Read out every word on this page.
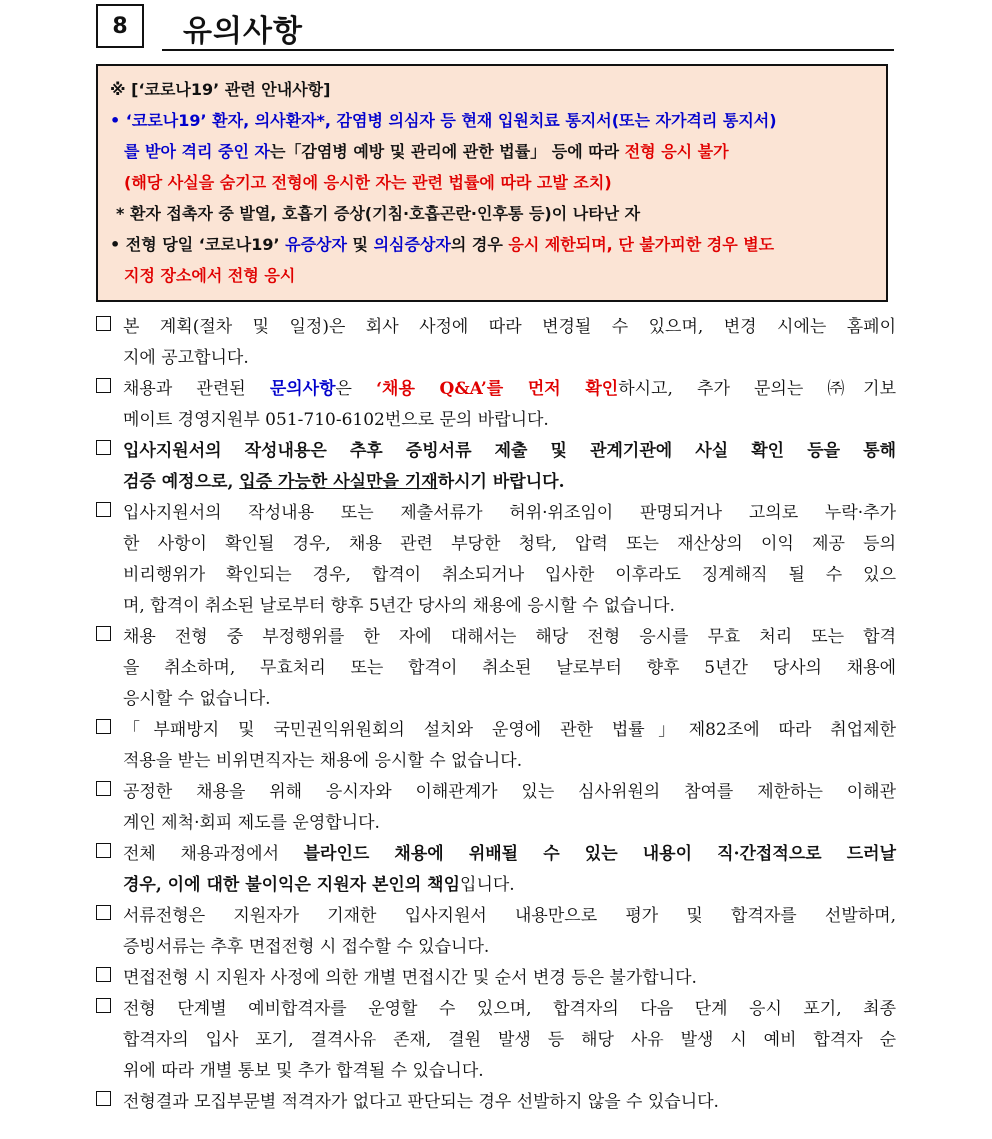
8	유의사항
※ [‘코로나19’ 관련 안내사항]
• ‘코로나19’ 환자, 의사환자*, 감염병 의심자 등 현재 입원치료 통지서(또는 자가격리 통지서)
를 받아 격리 중인 자는「감염병 예방 및 관리에 관한 법률」 등에 따라 전형 응시 불가
(해당 사실을 숨기고 전형에 응시한 자는 관련 법률에 따라 고발 조치)
* 환자 접촉자 중 발열, 호흡기 증상(기침·호흡곤란·인후통 등)이 나타난 자
• 전형 당일 ‘코로나19’ 유증상자 및 의심증상자의 경우 응시 제한되며, 단 불가피한 경우 별도
지정 장소에서 전형 응시
본 계획(절차 및 일정)은 회사 사정에 따라 변경될 수 있으며, 변경 시에는 홈페이
지에 공고합니다.
채용과 관련된 문의사항은 ‘채용 Q&A’를 먼저 확인하시고, 추가 문의는 ㈜기보
메이트 경영지원부 051-710-6102번으로 문의 바랍니다.
입사지원서의 작성내용은 추후 증빙서류 제출 및 관계기관에 사실 확인 등을 통해
검증 예정으로, 입증 가능한 사실만을 기재하시기 바랍니다.
입사지원서의 작성내용 또는 제출서류가 허위·위조임이 판명되거나 고의로 누락·추가
한 사항이 확인될 경우, 채용 관련 부당한 청탁, 압력 또는 재산상의 이익 제공 등의
비리행위가 확인되는 경우, 합격이 취소되거나 입사한 이후라도 징계해직 될 수 있으
며, 합격이 취소된 날로부터 향후 5년간 당사의 채용에 응시할 수 없습니다.
채용 전형 중 부정행위를 한 자에 대해서는 해당 전형 응시를 무효 처리 또는 합격
을 취소하며, 무효처리 또는 합격이 취소된 날로부터 향후 5년간 당사의 채용에
응시할 수 없습니다.
「부패방지 및 국민권익위원회의 설치와 운영에 관한 법률」제82조에 따라 취업제한
적용을 받는 비위면직자는 채용에 응시할 수 없습니다.
공정한 채용을 위해 응시자와 이해관계가 있는 심사위원의 참여를 제한하는 이해관
계인 제척·회피 제도를 운영합니다.
전체 채용과정에서 블라인드 채용에 위배될 수 있는 내용이 직·간접적으로 드러날
경우, 이에 대한 불이익은 지원자 본인의 책임입니다.
서류전형은 지원자가 기재한 입사지원서 내용만으로 평가 및 합격자를 선발하며,
증빙서류는 추후 면접전형 시 접수할 수 있습니다.
면접전형 시 지원자 사정에 의한 개별 면접시간 및 순서 변경 등은 불가합니다.
전형 단계별 예비합격자를 운영할 수 있으며, 합격자의 다음 단계 응시 포기, 최종
합격자의 입사 포기, 결격사유 존재, 결원 발생 등 해당 사유 발생 시 예비 합격자 순
위에 따라 개별 통보 및 추가 합격될 수 있습니다.
전형결과 모집부문별 적격자가 없다고 판단되는 경우 선발하지 않을 수 있습니다.
